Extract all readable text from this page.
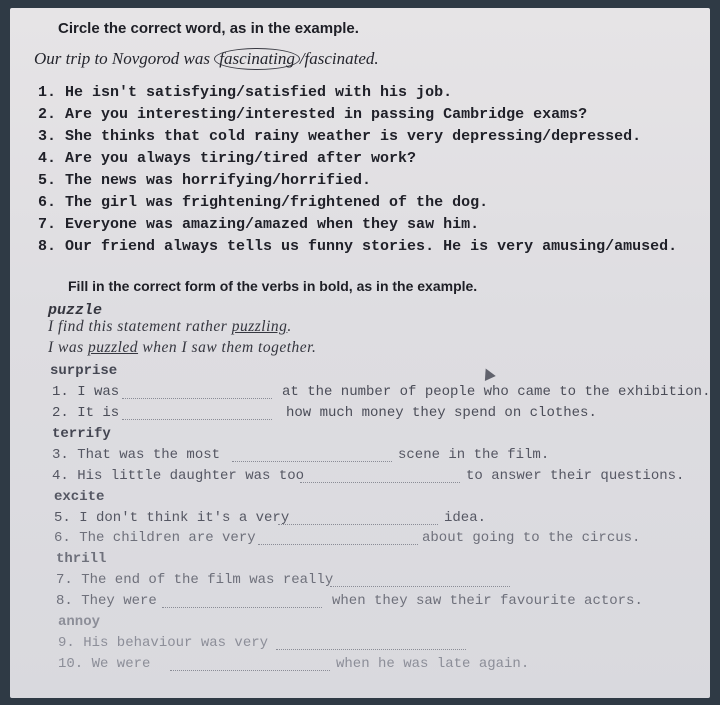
Circle the correct word, as in the example.
Our trip to Novgorod was fascinating /fascinated.
1. He isn't satisfying/satisfied with his job.
2. Are you interesting/interested in passing Cambridge exams?
3. She thinks that cold rainy weather is very depressing/depressed.
4. Are you always tiring/tired after work?
5. The news was horrifying/horrified.
6. The girl was frightening/frightened of the dog.
7. Everyone was amazing/amazed when they saw him.
8. Our friend always tells us funny stories. He is very amusing/amused.
Fill in the correct form of the verbs in bold, as in the example.
puzzle
I find this statement rather puzzling.
I was puzzled when I saw them together.
surprise
1. I was	at the number of people who came to the exhibition.
2. It is	how much money they spend on clothes.
terrify
3. That was the most	scene in the film.
4. His little daughter was too	to answer their questions.
excite
5. I don't think it's a very	idea.
6. The children are very	about going to the circus.
thrill
7. The end of the film was really
8. They were	when they saw their favourite actors.
annoy
9. His behaviour was very
10. We were	when he was late again.
